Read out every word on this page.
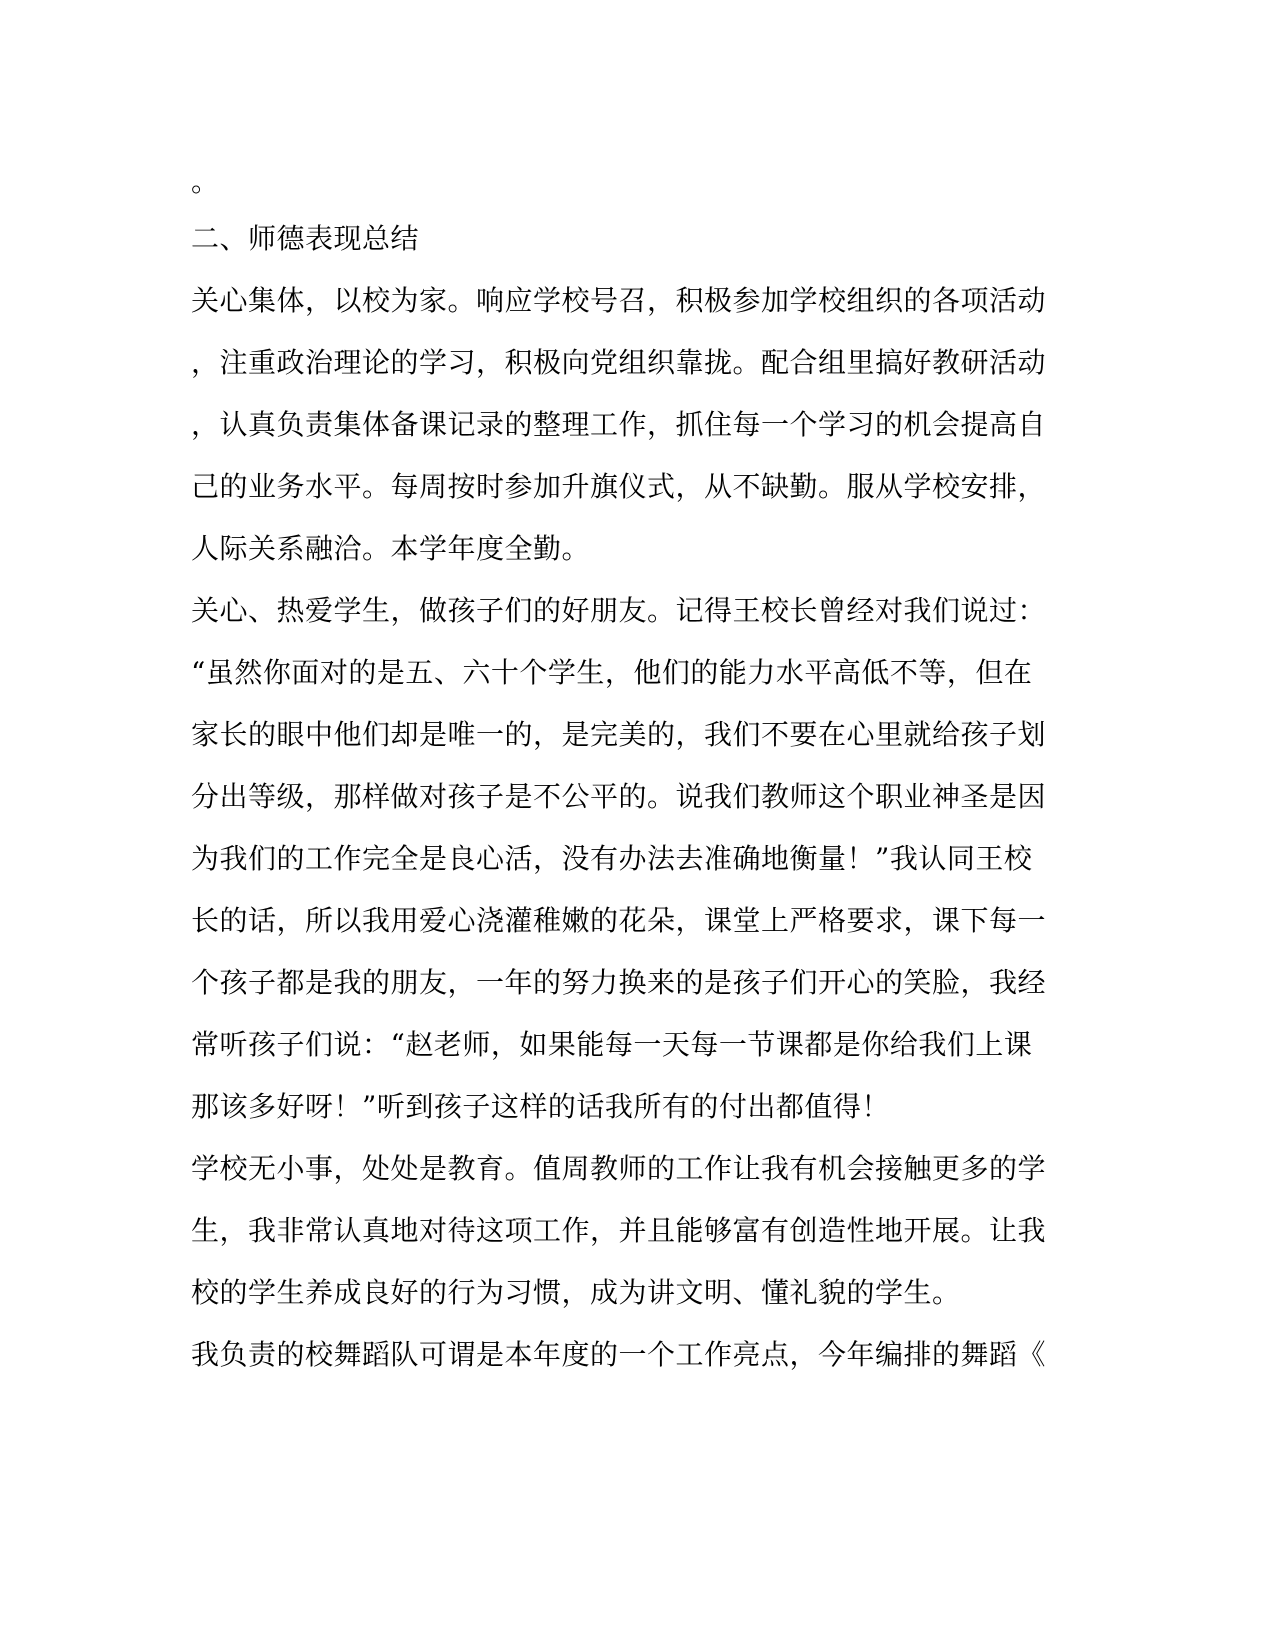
。

二、师德表现总结

关心集体，以校为家。响应学校号召，积极参加学校组织的各项活动

，注重政治理论的学习，积极向党组织靠拢。配合组里搞好教研活动

，认真负责集体备课记录的整理工作，抓住每一个学习的机会提高自

己的业务水平。每周按时参加升旗仪式，从不缺勤。服从学校安排，

人际关系融洽。本学年度全勤。

关心、热爱学生，做孩子们的好朋友。记得王校长曾经对我们说过：

“虽然你面对的是五、六十个学生，他们的能力水平高低不等，但在

家长的眼中他们却是唯一的，是完美的，我们不要在心里就给孩子划

分出等级，那样做对孩子是不公平的。说我们教师这个职业神圣是因

为我们的工作完全是良心活，没有办法去准确地衡量！”我认同王校

长的话，所以我用爱心浇灌稚嫩的花朵，课堂上严格要求，课下每一

个孩子都是我的朋友，一年的努力换来的是孩子们开心的笑脸，我经

常听孩子们说：“赵老师，如果能每一天每一节课都是你给我们上课

那该多好呀！”听到孩子这样的话我所有的付出都值得！

学校无小事，处处是教育。值周教师的工作让我有机会接触更多的学

生，我非常认真地对待这项工作，并且能够富有创造性地开展。让我

校的学生养成良好的行为习惯，成为讲文明、懂礼貌的学生。

我负责的校舞蹈队可谓是本年度的一个工作亮点，今年编排的舞蹈《
